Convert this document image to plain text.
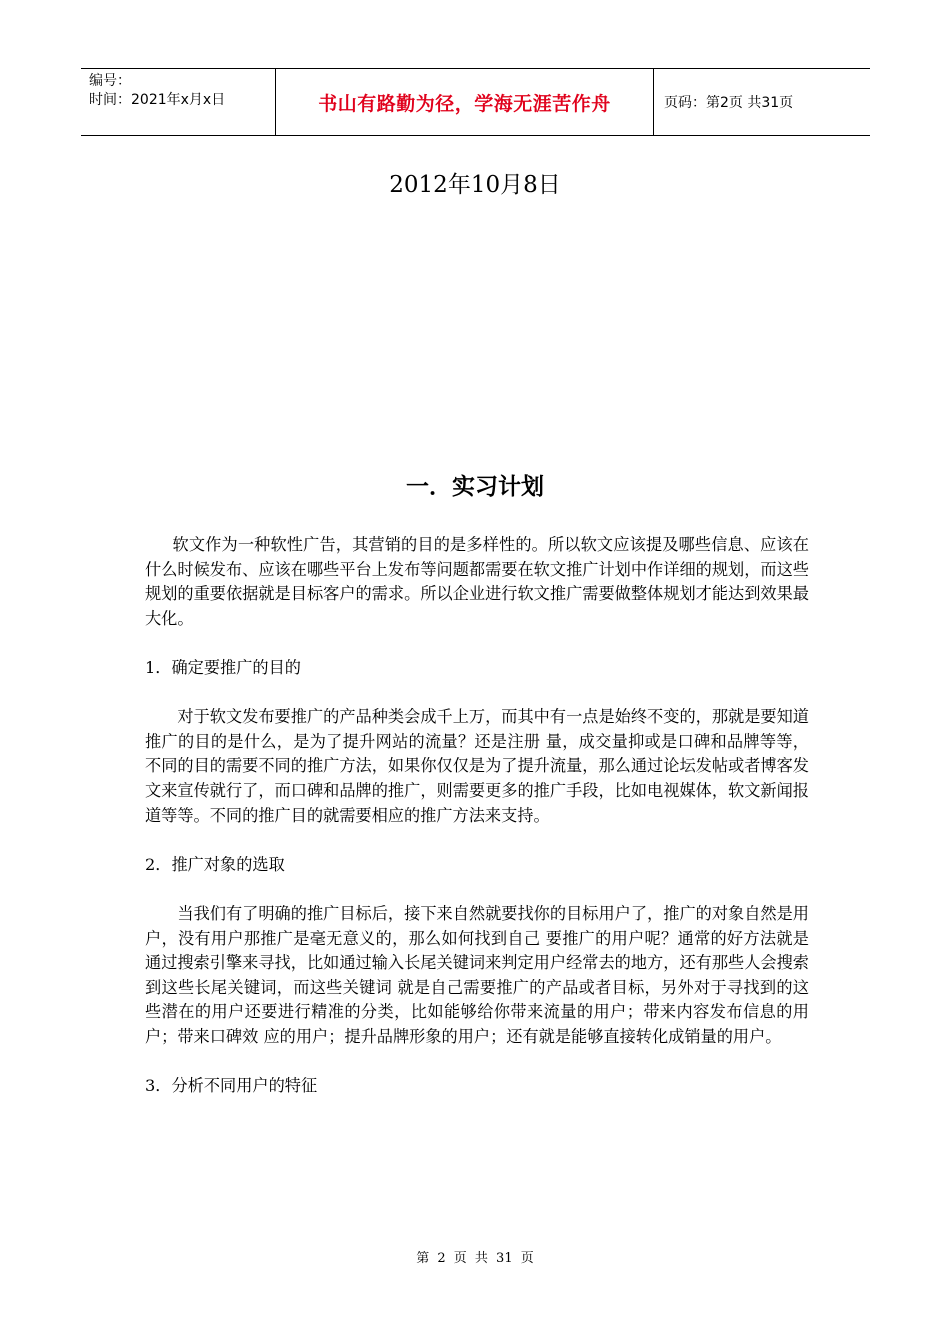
编号：
时间：2021年x月x日	书山有路勤为径，学海无涯苦作舟	页码：第2页 共31页
2012年10月8日
一．实习计划

软文作为一种软性广告，其营销的目的是多样性的。所以软文应该提及哪些信息、应该在什么时候发布、应该在哪些平台上发布等问题都需要在软文推广计划中作详细的规划，而这些规划的重要依据就是目标客户的需求。所以企业进行软文推广需要做整体规划才能达到效果最大化。

1．确定要推广的目的

对于软文发布要推广的产品种类会成千上万，而其中有一点是始终不变的，那就是要知道推广的目的是什么，是为了提升网站的流量？还是注册 量，成交量抑或是口碑和品牌等等，不同的目的需要不同的推广方法，如果你仅仅是为了提升流量，那么通过论坛发帖或者博客发文来宣传就行了，而口碑和品牌的推广，则需要更多的推广手段，比如电视媒体，软文新闻报道等等。不同的推广目的就需要相应的推广方法来支持。

2．推广对象的选取

当我们有了明确的推广目标后，接下来自然就要找你的目标用户了，推广的对象自然是用户，没有用户那推广是毫无意义的，那么如何找到自己 要推广的用户呢？通常的好方法就是通过搜索引擎来寻找，比如通过输入长尾关键词来判定用户经常去的地方，还有那些人会搜索到这些长尾关键词，而这些关键词 就是自己需要推广的产品或者目标，另外对于寻找到的这些潜在的用户还要进行精准的分类，比如能够给你带来流量的用户；带来内容发布信息的用户；带来口碑效 应的用户；提升品牌形象的用户；还有就是能够直接转化成销量的用户。

3．分析不同用户的特征

第 2 页 共 31 页
